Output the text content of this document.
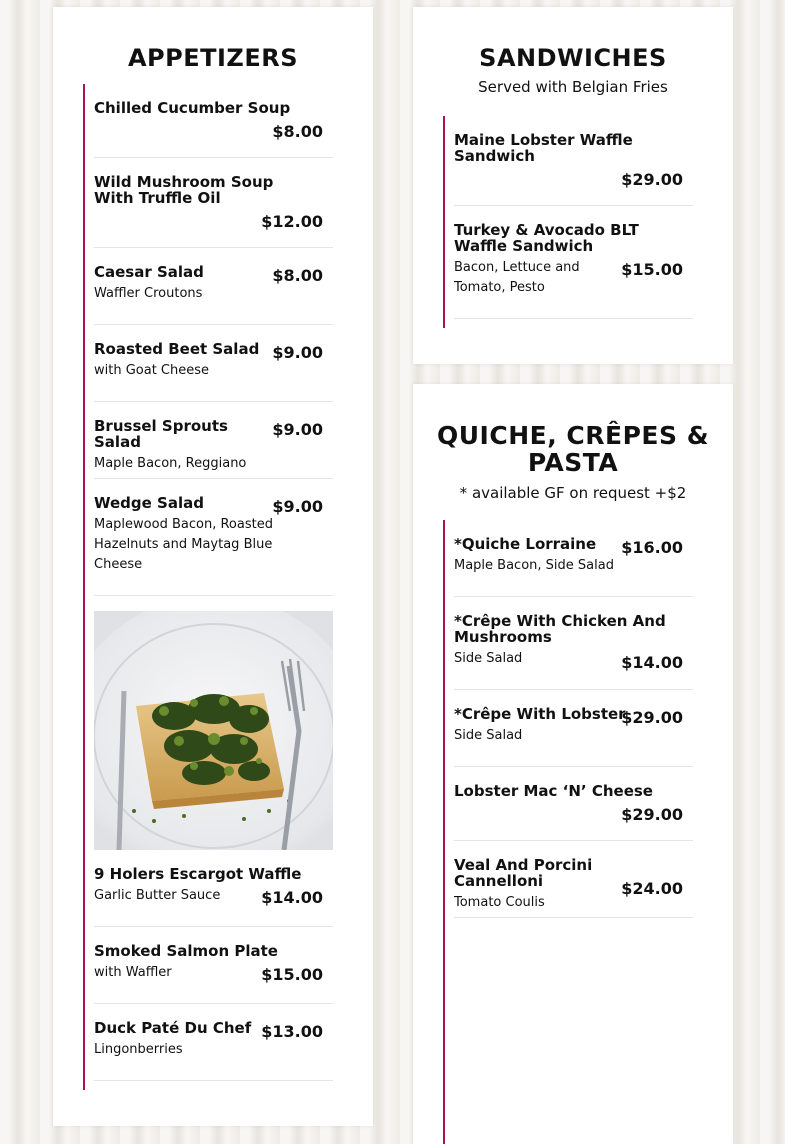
APPETIZERS
Chilled Cucumber Soup
$8.00
Wild Mushroom Soup With Truffle Oil
$12.00
Caesar Salad
Waffler Croutons
$8.00
Roasted Beet Salad
with Goat Cheese
$9.00
Brussel Sprouts Salad
Maple Bacon, Reggiano
$9.00
Wedge Salad
Maplewood Bacon, Roasted Hazelnuts and Maytag Blue Cheese
$9.00
9 Holers Escargot Waffle
Garlic Butter Sauce	$14.00
Smoked Salmon Plate
with Waffler	$15.00
Duck Paté Du Chef
Lingonberries
$13.00
SANDWICHES
Served with Belgian Fries
Maine Lobster Waffle Sandwich
$29.00
Turkey & Avocado BLT Waffle Sandwich
Bacon, Lettuce and Tomato, Pesto
$15.00
QUICHE, CRÊPES & PASTA
* available GF on request +$2
*Quiche Lorraine
Maple Bacon, Side Salad
$16.00
*Crêpe With Chicken And Mushrooms
Side Salad	$14.00
*Crêpe With Lobster
Side Salad
$29.00
Lobster Mac ‘N’ Cheese
$29.00
Veal And Porcini Cannelloni
Tomato Coulis
$24.00
